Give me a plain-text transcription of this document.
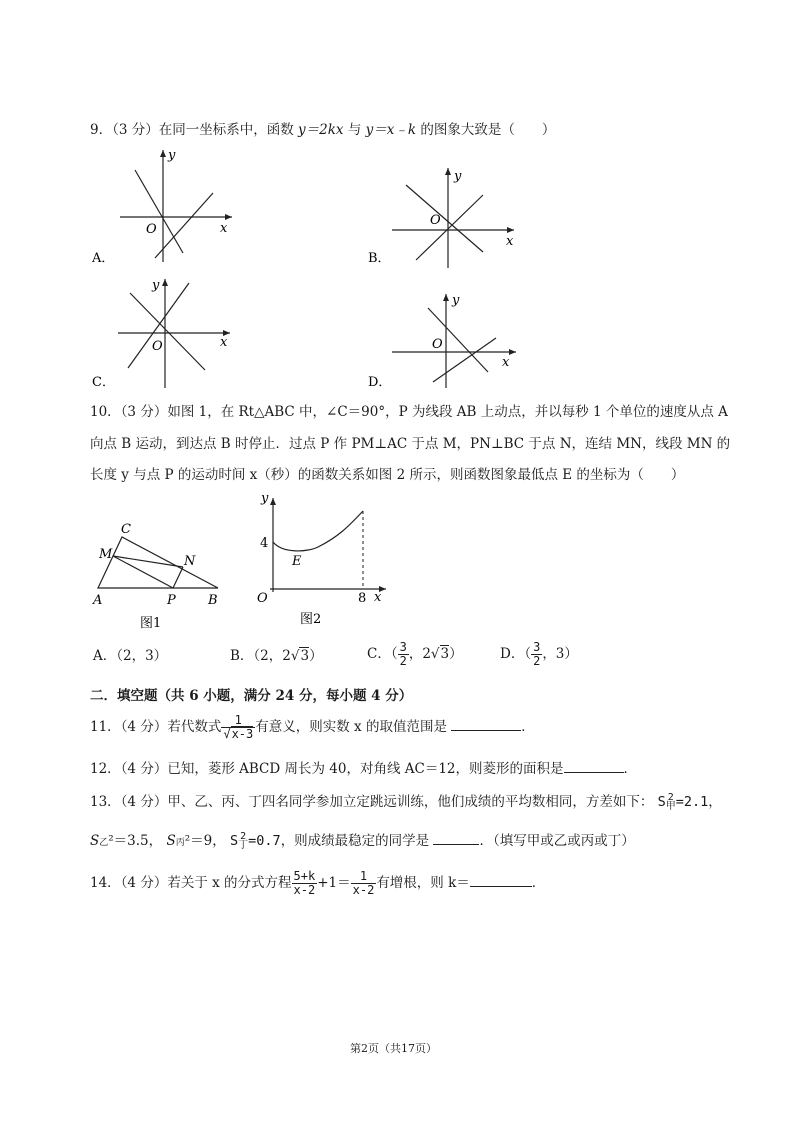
9．（3 分）在同一坐标系中，函数 y＝2kx 与 y＝x﹣k 的图象大致是（　　）
y
x
O
A．
y
x
O
B．
y
x
O
C．
y
x
O
D．
10．（3 分）如图 1，在 Rt△ABC 中，∠C＝90°，P 为线段 AB 上动点，并以每秒 1 个单位的速度从点 A
向点 B 运动，到达点 B 时停止．过点 P 作 PM⊥AC 于点 M，PN⊥BC 于点 N，连结 MN，线段 MN 的
长度 y 与点 P 的运动时间 x（秒）的函数关系如图 2 所示，则函数图象最低点 E 的坐标为（　　）
C
M	N
A	P B
图1
y
4
E
O	8 x
图2
A．（2，3）	B．（2，2√3）	C．（ $\frac{3}{2}$ ，2√3）	D．（ $\frac{3}{2}$ ，3）
二．填空题（共 6 小题，满分 24 分，每小题 4 分）
11．（4 分）若代数式 $\frac{1}{√x-3}$ 有意义，则实数 x 的取值范围是	．
12．（4 分）已知，菱形 ABCD 周长为 40，对角线 AC＝12，则菱形的面积是	．
13．（4 分）甲、乙、丙、丁四名同学参加立定跳远训练，他们成绩的平均数相同，方差如下： S 2
甲 =2.1，
S乙²＝3.5， S丙²＝9， S 2
丁 =0.7，则成绩最稳定的同学是	．（填写甲或乙或丙或丁）
14．（4 分）若关于 x 的分式方程 $\frac{5+k}{x-2} +1= \frac{1}{x-2}$ 有增根，则 k＝	．
第2页（共17页）
